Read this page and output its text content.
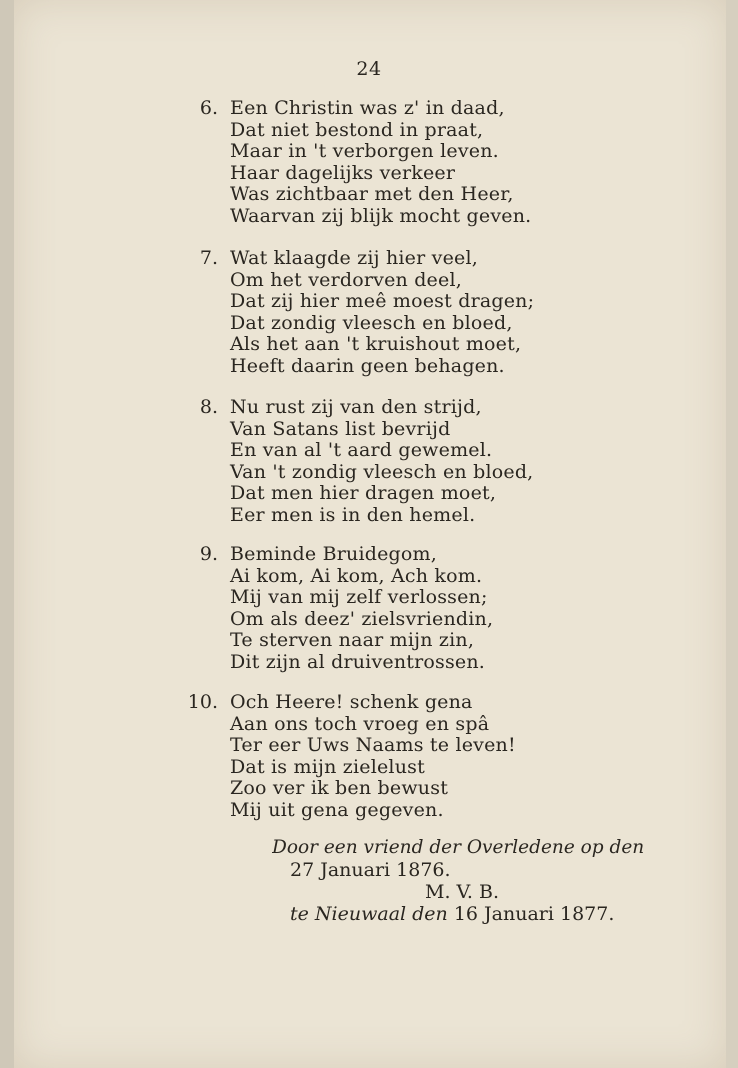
24
6. Een Christin was z' in daad,
Dat niet bestond in praat,
Maar in 't verborgen leven.
Haar dagelijks verkeer
Was zichtbaar met den Heer,
Waarvan zij blijk mocht geven.
7. Wat klaagde zij hier veel,
Om het verdorven deel,
Dat zij hier meê moest dragen;
Dat zondig vleesch en bloed,
Als het aan 't kruishout moet,
Heeft daarin geen behagen.
8. Nu rust zij van den strijd,
Van Satans list bevrijd
En van al 't aard gewemel.
Van 't zondig vleesch en bloed,
Dat men hier dragen moet,
Eer men is in den hemel.
9. Beminde Bruidegom,
Ai kom, Ai kom, Ach kom.
Mij van mij zelf verlossen;
Om als deez' zielsvriendin,
Te sterven naar mijn zin,
Dit zijn al druiventrossen.
10. Och Heere! schenk gena
Aan ons toch vroeg en spâ
Ter eer Uws Naams te leven!
Dat is mijn zielelust
Zoo ver ik ben bewust
Mij uit gena gegeven.
Door een vriend der Overledene op den
27 Januari 1876.
M. V. B.
te Nieuwaal den 16 Januari 1877.
